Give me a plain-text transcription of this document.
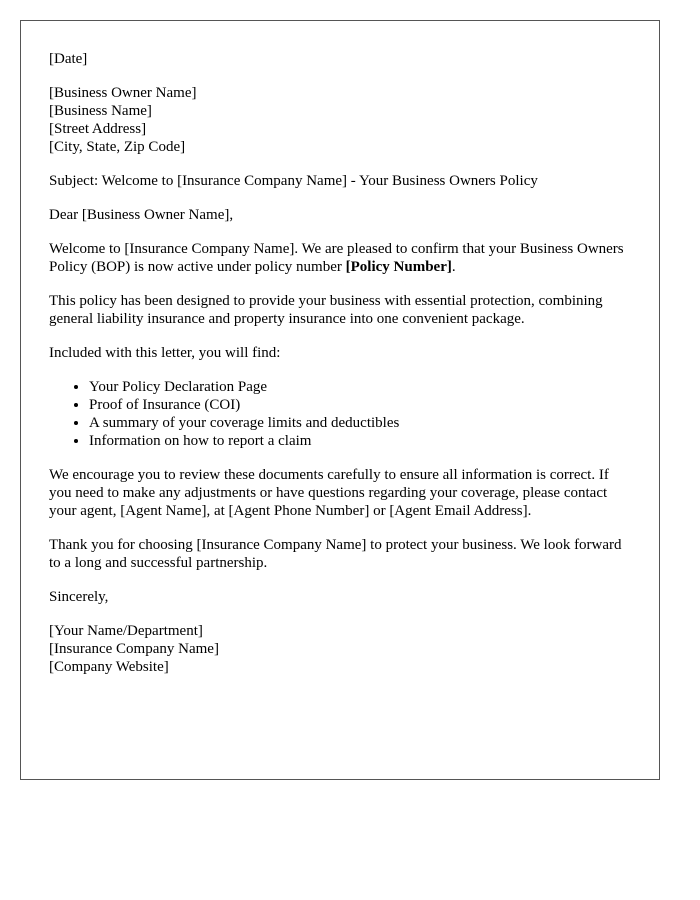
[Date]

[Business Owner Name]
[Business Name]
[Street Address]
[City, State, Zip Code]

Subject: Welcome to [Insurance Company Name] - Your Business Owners Policy

Dear [Business Owner Name],

Welcome to [Insurance Company Name]. We are pleased to confirm that your Business Owners Policy (BOP) is now active under policy number [Policy Number].

This policy has been designed to provide your business with essential protection, combining general liability insurance and property insurance into one convenient package.

Included with this letter, you will find:

• Your Policy Declaration Page
• Proof of Insurance (COI)
• A summary of your coverage limits and deductibles
• Information on how to report a claim

We encourage you to review these documents carefully to ensure all information is correct. If you need to make any adjustments or have questions regarding your coverage, please contact your agent, [Agent Name], at [Agent Phone Number] or [Agent Email Address].

Thank you for choosing [Insurance Company Name] to protect your business. We look forward to a long and successful partnership.

Sincerely,

[Your Name/Department]
[Insurance Company Name]
[Company Website]
